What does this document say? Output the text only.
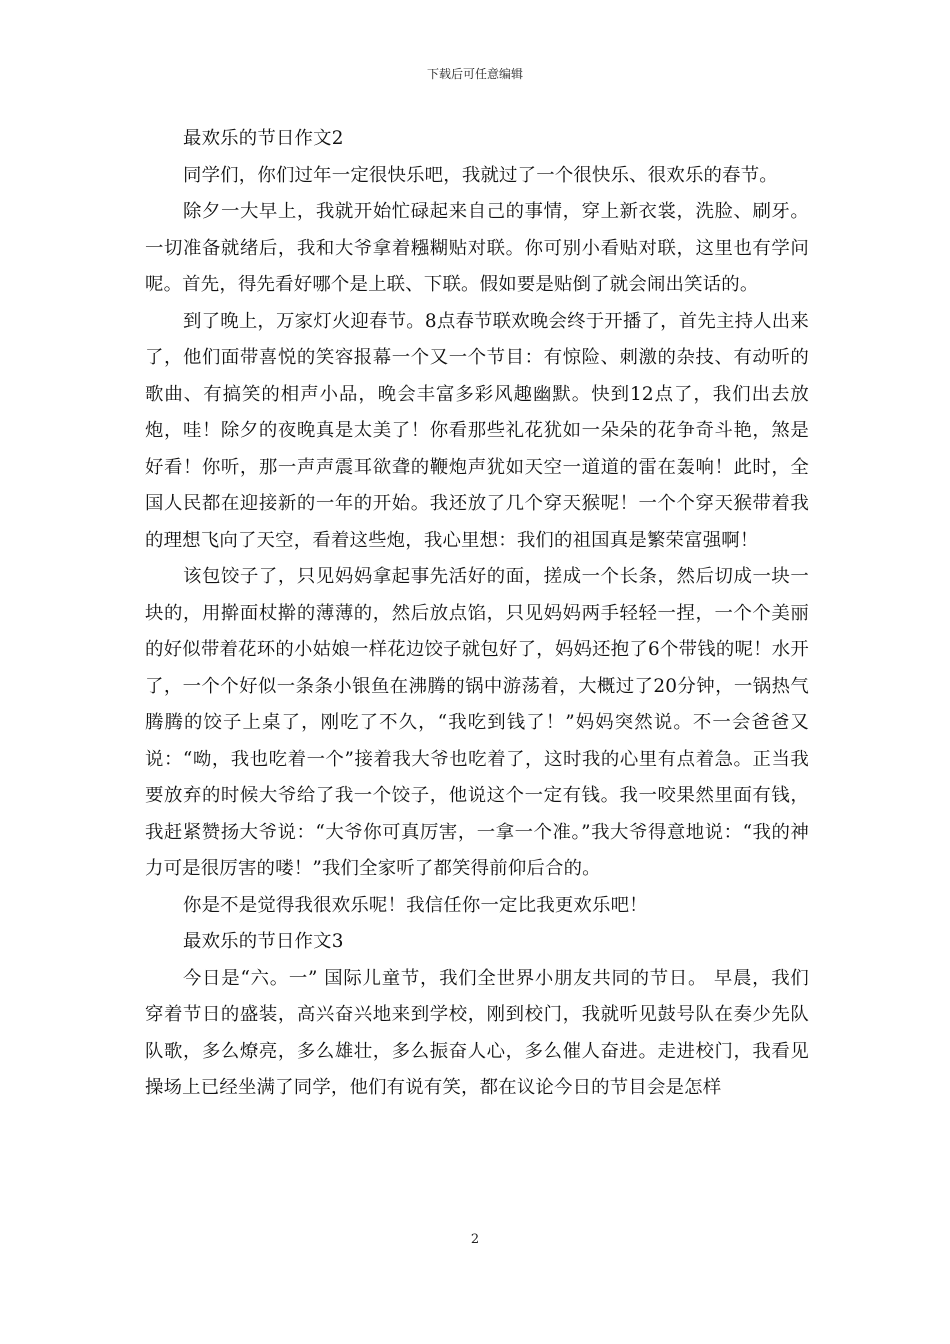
下载后可任意编辑

最欢乐的节日作文2

同学们，你们过年一定很快乐吧，我就过了一个很快乐、很欢乐的春节。

除夕一大早上，我就开始忙碌起来自己的事情，穿上新衣裳，洗脸、刷牙。一切准备就绪后，我和大爷拿着糨糊贴对联。你可别小看贴对联，这里也有学问呢。首先，得先看好哪个是上联、下联。假如要是贴倒了就会闹出笑话的。

到了晚上，万家灯火迎春节。8点春节联欢晚会终于开播了，首先主持人出来了，他们面带喜悦的笑容报幕一个又一个节目：有惊险、刺激的杂技、有动听的歌曲、有搞笑的相声小品，晚会丰富多彩风趣幽默。快到12点了，我们出去放炮，哇！除夕的夜晚真是太美了！你看那些礼花犹如一朵朵的花争奇斗艳，煞是好看！你听，那一声声震耳欲聋的鞭炮声犹如天空一道道的雷在轰响！此时，全国人民都在迎接新的一年的开始。我还放了几个穿天猴呢！一个个穿天猴带着我的理想飞向了天空，看着这些炮，我心里想：我们的祖国真是繁荣富强啊！

该包饺子了，只见妈妈拿起事先活好的面，搓成一个长条，然后切成一块一块的，用擀面杖擀的薄薄的，然后放点馅，只见妈妈两手轻轻一捏，一个个美丽的好似带着花环的小姑娘一样花边饺子就包好了，妈妈还抱了6个带钱的呢！水开了，一个个好似一条条小银鱼在沸腾的锅中游荡着，大概过了20分钟，一锅热气腾腾的饺子上桌了，刚吃了不久，“我吃到钱了！”妈妈突然说。不一会爸爸又说：“呦，我也吃着一个”接着我大爷也吃着了，这时我的心里有点着急。正当我要放弃的时候大爷给了我一个饺子，他说这个一定有钱。我一咬果然里面有钱，我赶紧赞扬大爷说：“大爷你可真厉害，一拿一个准。”我大爷得意地说：“我的神力可是很厉害的喽！”我们全家听了都笑得前仰后合的。

你是不是觉得我很欢乐呢！我信任你一定比我更欢乐吧！

最欢乐的节日作文3

今日是“六。一” 国际儿童节，我们全世界小朋友共同的节日。 早晨，我们穿着节日的盛装，高兴奋兴地来到学校，刚到校门，我就听见鼓号队在奏少先队队歌，多么燎亮，多么雄壮，多么振奋人心，多么催人奋进。走进校门，我看见操场上已经坐满了同学，他们有说有笑，都在议论今日的节目会是怎样

2
